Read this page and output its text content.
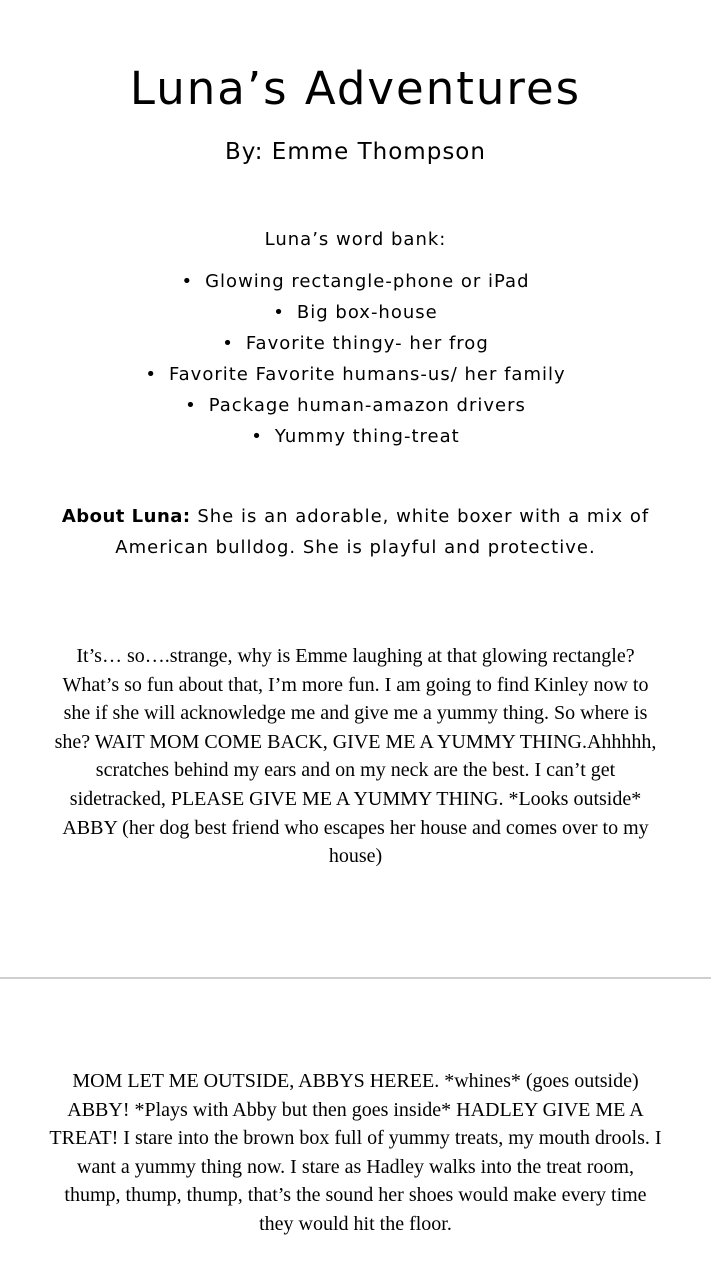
Luna’s Adventures
By: Emme Thompson
Luna’s word bank:
• Glowing rectangle-phone or iPad
• Big box-house
• Favorite thingy- her frog
• Favorite Favorite humans-us/ her family
• Package human-amazon drivers
• Yummy thing-treat
About Luna: She is an adorable, white boxer with a mix of American bulldog. She is playful and protective.
It’s… so….strange, why is Emme laughing at that glowing rectangle? What’s so fun about that, I’m more fun. I am going to find Kinley now to she if she will acknowledge me and give me a yummy thing. So where is she? WAIT MOM COME BACK, GIVE ME A YUMMY THING.Ahhhhh, scratches behind my ears and on my neck are the best. I can’t get sidetracked, PLEASE GIVE ME A YUMMY THING. *Looks outside* ABBY (her dog best friend who escapes her house and comes over to my house)
MOM LET ME OUTSIDE, ABBYS HEREE. *whines* (goes outside) ABBY! *Plays with Abby but then goes inside* HADLEY GIVE ME A TREAT! I stare into the brown box full of yummy treats, my mouth drools. I want a yummy thing now. I stare as Hadley walks into the treat room, thump, thump, thump, that’s the sound her shoes would make every time they would hit the floor.
